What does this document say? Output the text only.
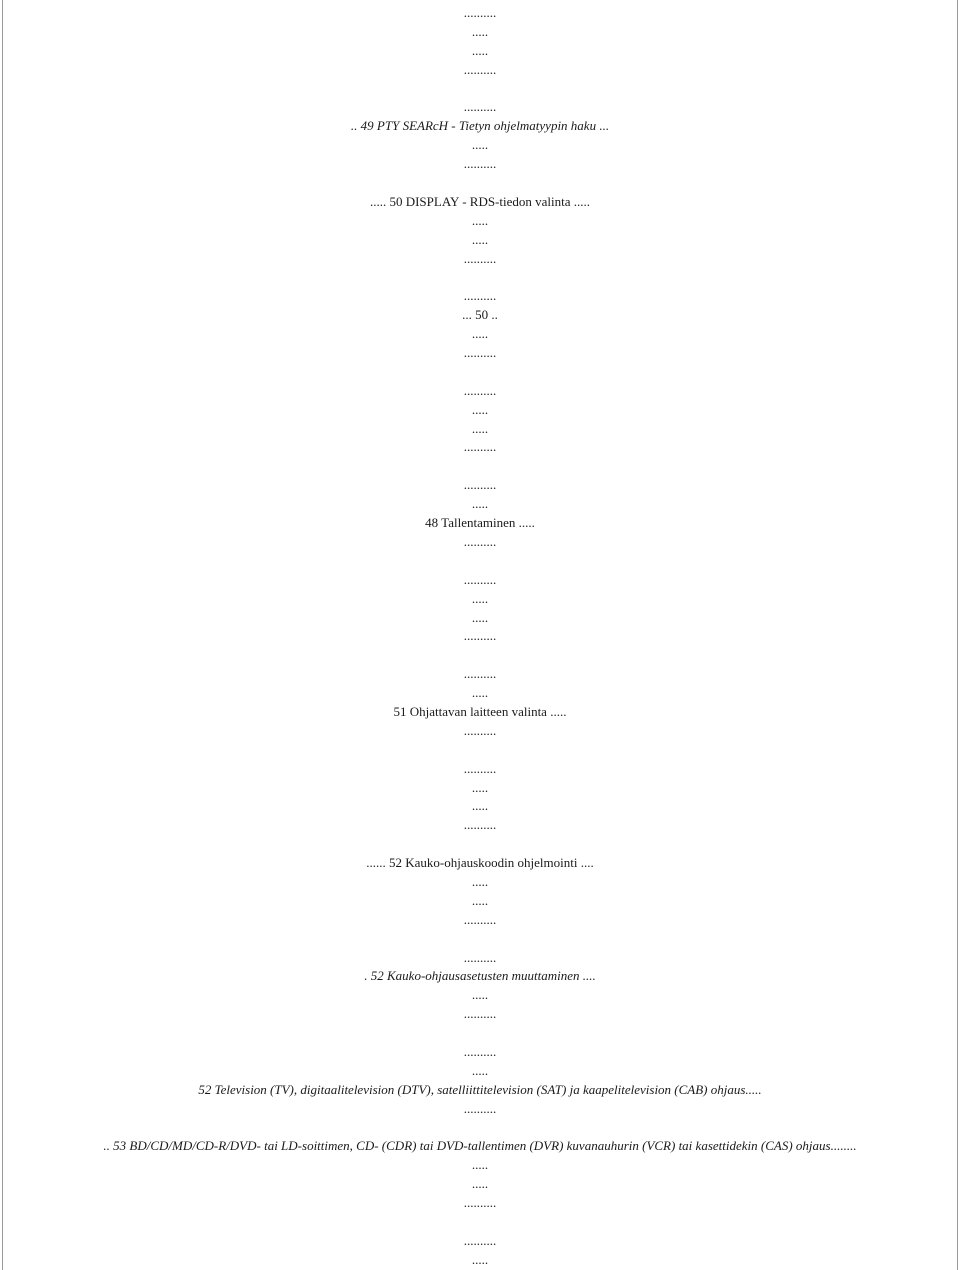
..........
.....
.....
..........
..........
.. 49 PTY SEARcH - Tietyn ohjelmatyypin haku ...
.....
..........
..... 50 DISPLAY - RDS-tiedon valinta .....
.....
.....
..........
..........
... 50 ..
.....
..........
..........
.....
.....
..........
..........
.....
48 Tallentaminen .....
..........
..........
.....
.....
..........
..........
.....
51 Ohjattavan laitteen valinta .....
..........
..........
.....
.....
..........
...... 52 Kauko-ohjauskoodin ohjelmointi ....
.....
.....
..........
..........
. 52 Kauko-ohjausasetusten muuttaminen ....
.....
..........
..........
.....
52 Television (TV), digitaalitelevision (DTV), satelliittitelevision (SAT) ja kaapelitelevision (CAB) ohjaus.....
..........
.. 53 BD/CD/MD/CD-R/DVD- tai LD-soittimen, CD- (CDR) tai DVD-tallentimen (DVR) kuvanauhurin (VCR) tai kasettidekin (CAS) ohjaus........
.....
.....
..........
..........
.....
